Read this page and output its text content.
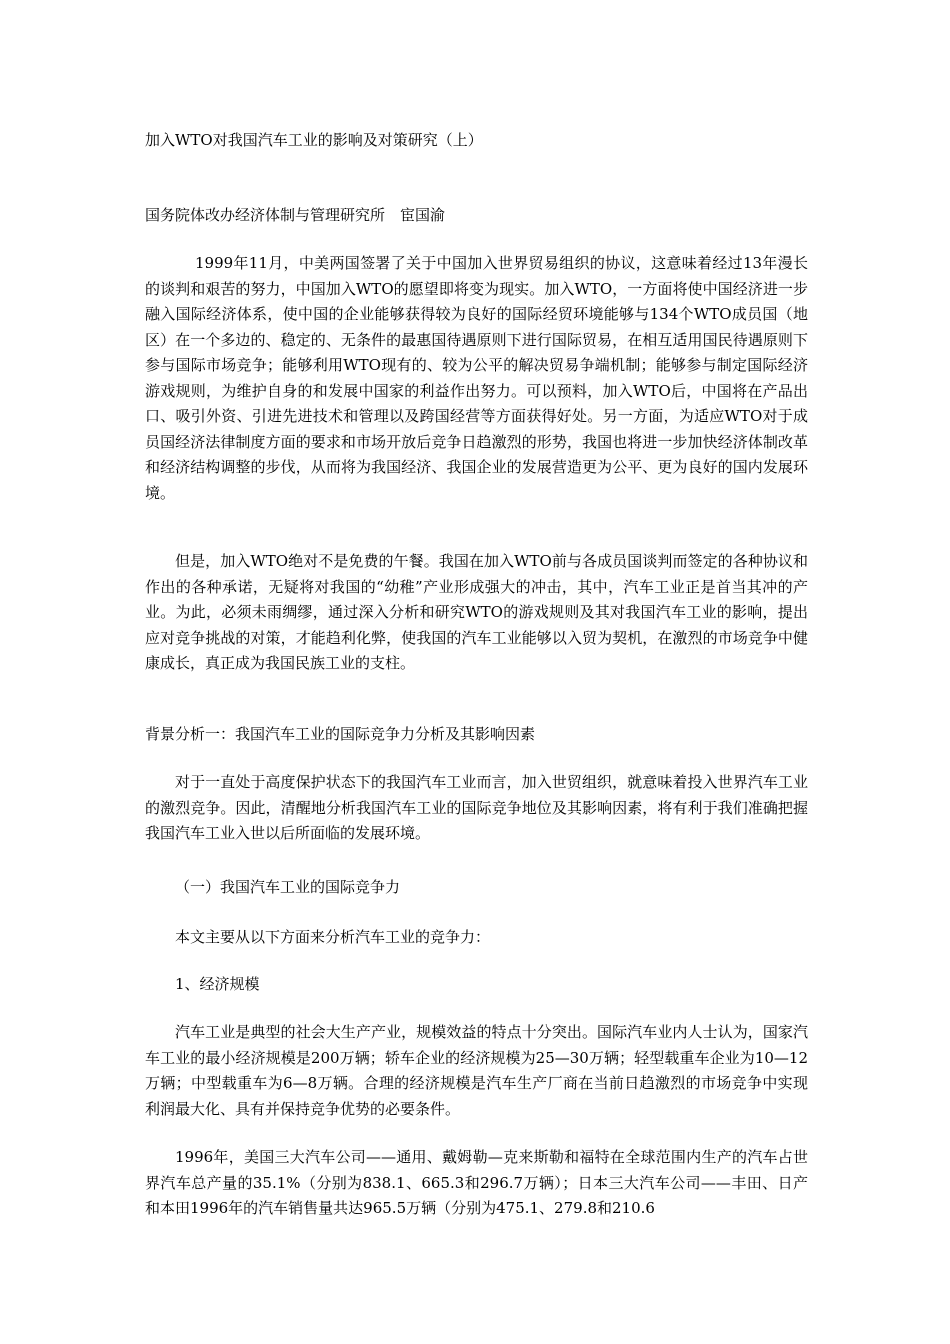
加入WTO对我国汽车工业的影响及对策研究（上）
国务院体改办经济体制与管理研究所　宦国渝

1999年11月，中美两国签署了关于中国加入世界贸易组织的协议，这意味着经过13年漫长的谈判和艰苦的努力，中国加入WTO的愿望即将变为现实。加入WTO，一方面将使中国经济进一步融入国际经济体系，使中国的企业能够获得较为良好的国际经贸环境能够与134个WTO成员国（地区）在一个多边的、稳定的、无条件的最惠国待遇原则下进行国际贸易，在相互适用国民待遇原则下参与国际市场竞争；能够利用WTO现有的、较为公平的解决贸易争端机制；能够参与制定国际经济游戏规则，为维护自身的和发展中国家的利益作出努力。可以预料，加入WTO后，中国将在产品出口、吸引外资、引进先进技术和管理以及跨国经营等方面获得好处。另一方面，为适应WTO对于成员国经济法律制度方面的要求和市场开放后竞争日趋激烈的形势，我国也将进一步加快经济体制改革和经济结构调整的步伐，从而将为我国经济、我国企业的发展营造更为公平、更为良好的国内发展环境。

但是，加入WTO绝对不是免费的午餐。我国在加入WTO前与各成员国谈判而签定的各种协议和作出的各种承诺，无疑将对我国的“幼稚”产业形成强大的冲击，其中，汽车工业正是首当其冲的产业。为此，必须未雨绸缪，通过深入分析和研究WTO的游戏规则及其对我国汽车工业的影响，提出应对竞争挑战的对策，才能趋利化弊，使我国的汽车工业能够以入贸为契机，在激烈的市场竞争中健康成长，真正成为我国民族工业的支柱。

背景分析一：我国汽车工业的国际竞争力分析及其影响因素

对于一直处于高度保护状态下的我国汽车工业而言，加入世贸组织，就意味着投入世界汽车工业的激烈竞争。因此，清醒地分析我国汽车工业的国际竞争地位及其影响因素，将有利于我们准确把握我国汽车工业入世以后所面临的发展环境。

（一）我国汽车工业的国际竞争力
本文主要从以下方面来分析汽车工业的竞争力：
1、经济规模

汽车工业是典型的社会大生产产业，规模效益的特点十分突出。国际汽车业内人士认为，国家汽车工业的最小经济规模是200万辆；轿车企业的经济规模为25—30万辆；轻型载重车企业为10—12万辆；中型载重车为6—8万辆。合理的经济规模是汽车生产厂商在当前日趋激烈的市场竞争中实现利润最大化、具有并保持竞争优势的必要条件。

1996年，美国三大汽车公司——通用、戴姆勒—克来斯勒和福特在全球范围内生产的汽车占世界汽车总产量的35.1%（分别为838.1、665.3和296.7万辆）；日本三大汽车公司——丰田、日产和本田1996年的汽车销售量共达965.5万辆（分别为475.1、279.8和210.6
